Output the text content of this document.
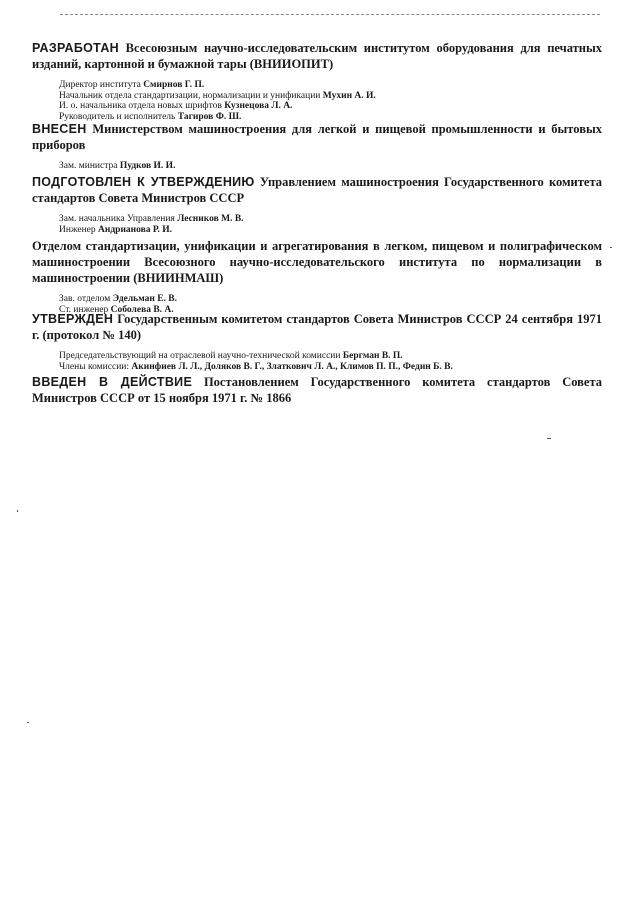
РАЗРАБОТАН Всесоюзным научно-исследовательским институтом оборудования для печатных изданий, картонной и бумажной тары (ВНИИОПИТ)

Директор института Смирнов Г. П.
Начальник отдела стандартизации, нормализации и унификации Мухин А. И.
И. о. начальника отдела новых шрифтов Кузнецова Л. А.
Руководитель и исполнитель Тагиров Ф. Ш.

ВНЕСЕН Министерством машиностроения для легкой и пищевой промышленности и бытовых приборов

Зам. министра Пудков И. И.

ПОДГОТОВЛЕН К УТВЕРЖДЕНИЮ Управлением машиностроения Государственного комитета стандартов Совета Министров СССР

Зам. начальника Управления Лесников М. В.
Инженер Андрианова Р. И.

Отделом стандартизации, унификации и агрегатирования в легком, пищевом и полиграфическом машиностроении Всесоюзного научно-исследовательского института по нормализации в машиностроении (ВНИИНМАШ)

Зав. отделом Эдельман Е. В.
Ст. инженер Соболева В. А.

УТВЕРЖДЕН Государственным комитетом стандартов Совета Министров СССР 24 сентября 1971 г. (протокол № 140)

Председательствующий на отраслевой научно-технической комиссии Бергман В. П.
Члены комиссии: Акинфиев Л. Л., Доляков В. Г., Златкович Л. А., Климов П. П., Федин Б. В.

ВВЕДЕН В ДЕЙСТВИЕ Постановлением Государственного комитета стандартов Совета Министров СССР от 15 ноября 1971 г. № 1866
